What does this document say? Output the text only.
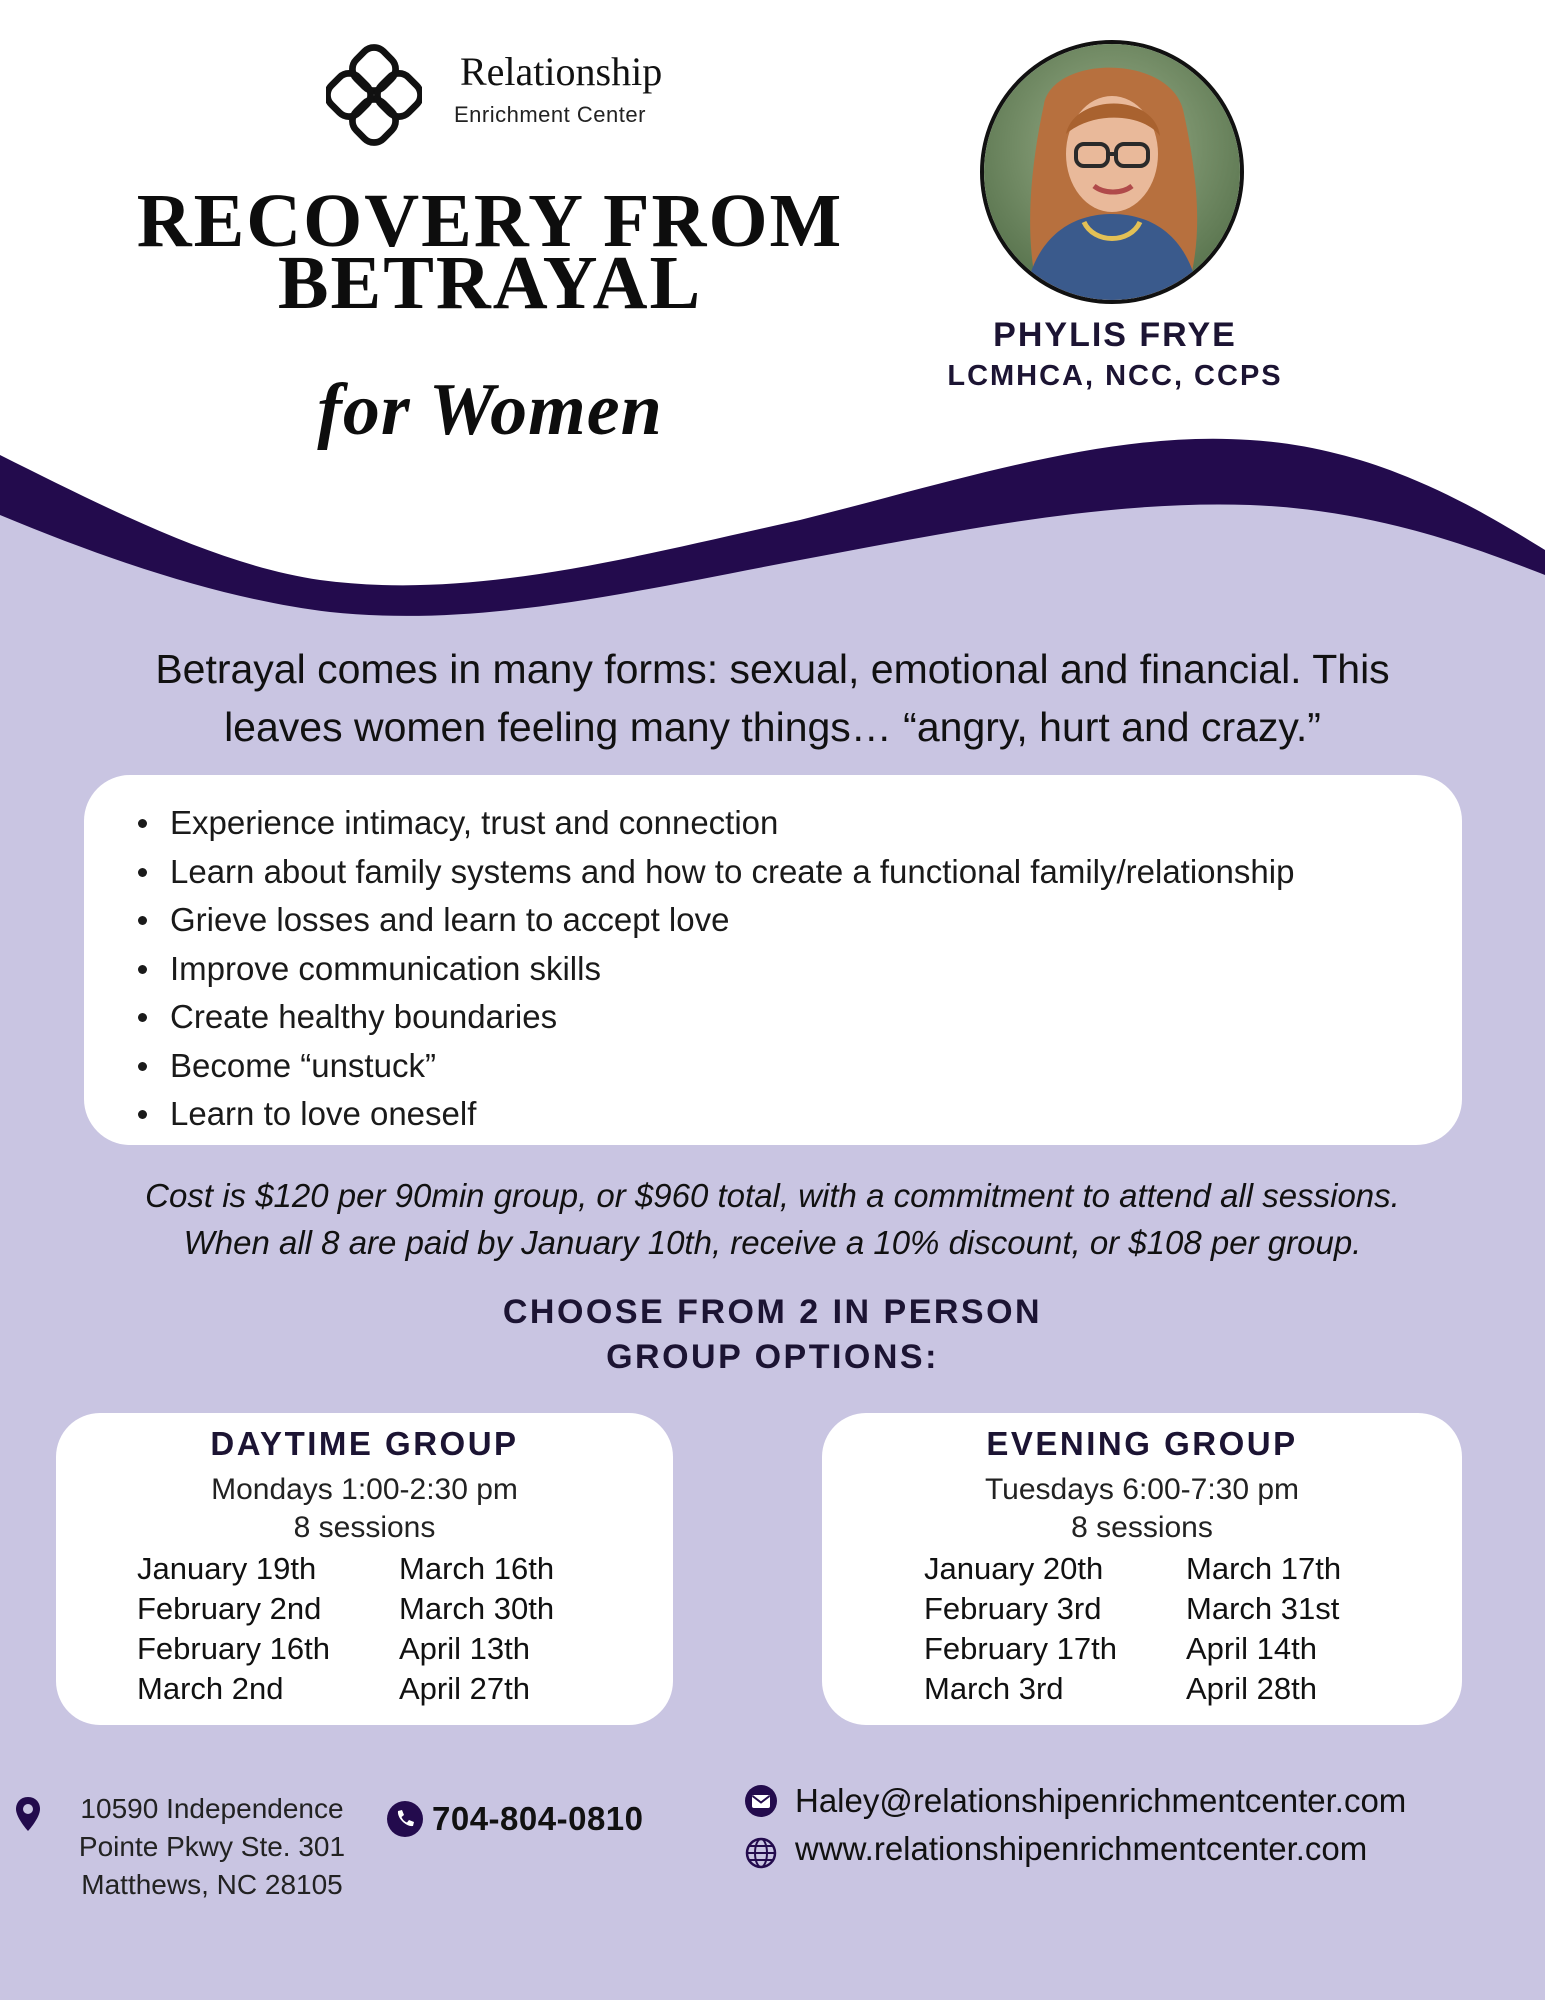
Relationship
Enrichment Center
RECOVERY FROM
BETRAYAL
for Women
PHYLIS FRYE
LCMHCA, NCC, CCPS
Betrayal comes in many forms: sexual, emotional and financial. This
leaves women feeling many things… “angry, hurt and crazy.”
Experience intimacy, trust and connection
Learn about family systems and how to create a functional family/relationship
Grieve losses and learn to accept love
Improve communication skills
Create healthy boundaries
Become “unstuck”
Learn to love oneself
Cost is $120 per 90min group, or $960 total, with a commitment to attend all sessions.
When all 8 are paid by January 10th, receive a 10% discount, or $108 per group.
CHOOSE FROM 2 IN PERSON
GROUP OPTIONS:
DAYTIME GROUP
Mondays 1:00-2:30 pm
8 sessions
January 19th
February 2nd
February 16th
March 2nd
March 16th
March 30th
April 13th
April 27th
EVENING GROUP
Tuesdays 6:00-7:30 pm
8 sessions
January 20th
February 3rd
February 17th
March 3rd
March 17th
March 31st
April 14th
April 28th
10590 Independence
Pointe Pkwy Ste. 301
Matthews, NC 28105
704-804-0810	Haley@relationshipenrichmentcenter.com
www.relationshipenrichmentcenter.com
